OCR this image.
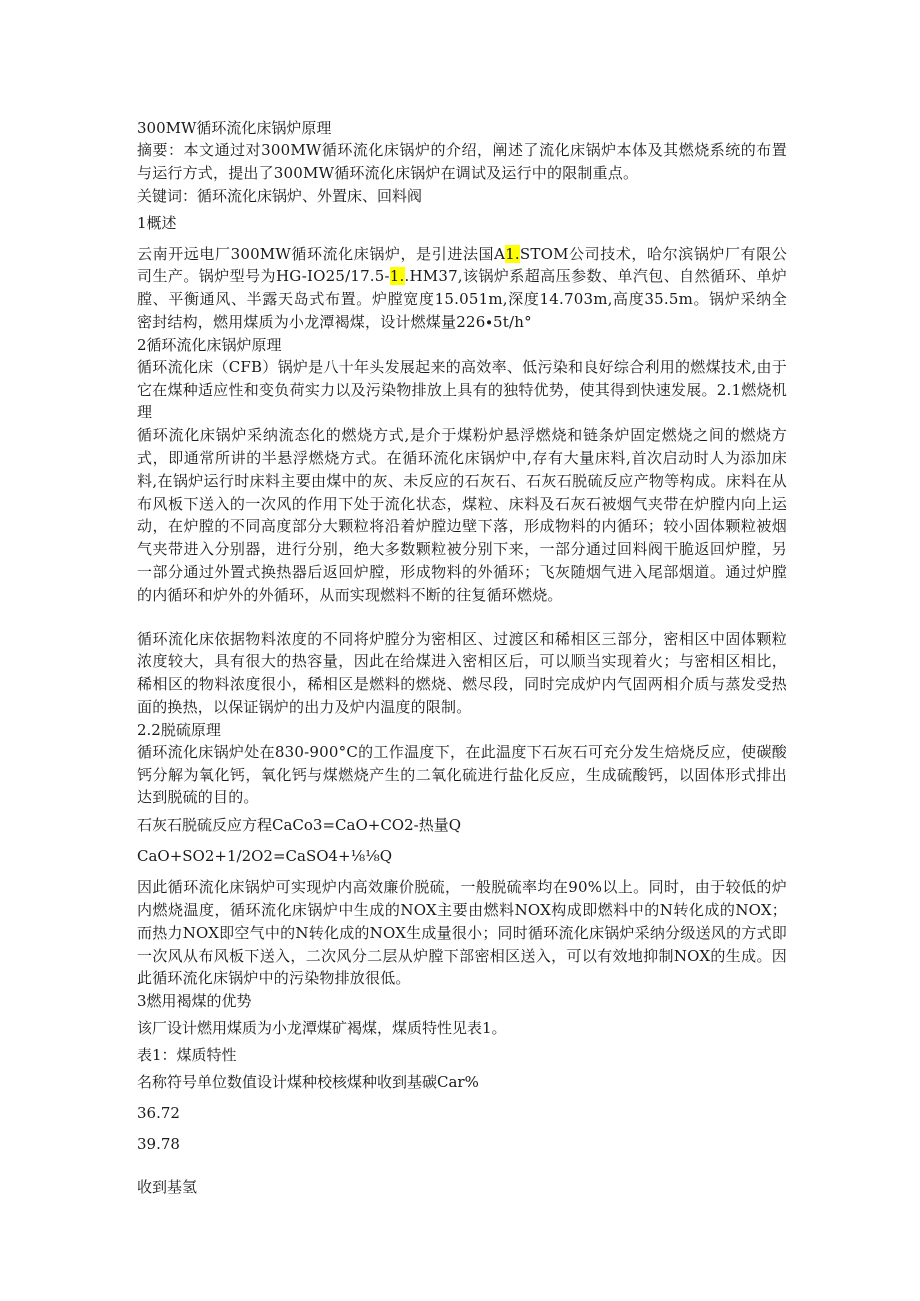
300MW循环流化床锅炉原理

摘要：本文通过对300MW循环流化床锅炉的介绍，阐述了流化床锅炉本体及其燃烧系统的布置与运行方式，提出了300MW循环流化床锅炉在调试及运行中的限制重点。

关键词：循环流化床锅炉、外置床、回料阀

1概述

云南开远电厂300MW循环流化床锅炉，是引进法国A1.STOM公司技术，哈尔滨锅炉厂有限公司生产。锅炉型号为HG-IO25/17.5-1..HM37,该锅炉系超高压参数、单汽包、自然循环、单炉膛、平衡通风、半露天岛式布置。炉膛宽度15.051m,深度14.703m,高度35.5m。锅炉采纳全密封结构，燃用煤质为小龙潭褐煤，设计燃煤量226∙5t∕h°

2循环流化床锅炉原理

循环流化床（CFB）锅炉是八十年头发展起来的高效率、低污染和良好综合利用的燃煤技术,由于它在煤种适应性和变负荷实力以及污染物排放上具有的独特优势，使其得到快速发展。2.1燃烧机理

循环流化床锅炉采纳流态化的燃烧方式,是介于煤粉炉悬浮燃烧和链条炉固定燃烧之间的燃烧方式，即通常所讲的半悬浮燃烧方式。在循环流化床锅炉中,存有大量床料,首次启动时人为添加床料,在锅炉运行时床料主要由煤中的灰、未反应的石灰石、石灰石脱硫反应产物等构成。床料在从布风板下送入的一次风的作用下处于流化状态，煤粒、床料及石灰石被烟气夹带在炉膛内向上运动，在炉膛的不同高度部分大颗粒将沿着炉膛边壁下落，形成物料的内循环；较小固体颗粒被烟气夹带进入分别器，进行分别，绝大多数颗粒被分别下来，一部分通过回料阀干脆返回炉膛，另一部分通过外置式换热器后返回炉膛，形成物料的外循环；飞灰随烟气进入尾部烟道。通过炉膛的内循环和炉外的外循环，从而实现燃料不断的往复循环燃烧。

循环流化床依据物料浓度的不同将炉膛分为密相区、过渡区和稀相区三部分，密相区中固体颗粒浓度较大，具有很大的热容量，因此在给煤进入密相区后，可以顺当实现着火；与密相区相比，稀相区的物料浓度很小，稀相区是燃料的燃烧、燃尽段，同时完成炉内气固两相介质与蒸发受热面的换热，以保证锅炉的出力及炉内温度的限制。

2.2脱硫原理

循环流化床锅炉处在830-900°C的工作温度下，在此温度下石灰石可充分发生焙烧反应，使碳酸钙分解为氧化钙，氧化钙与煤燃烧产生的二氧化硫进行盐化反应，生成硫酸钙，以固体形式排出达到脱硫的目的。

石灰石脱硫反应方程CaCo3=CaO+CO2-热量Q

CaO+SO2+1∕2O2=CaSO4+⅛⅛Q

因此循环流化床锅炉可实现炉内高效廉价脱硫，一般脱硫率均在90%以上。同时，由于较低的炉内燃烧温度，循环流化床锅炉中生成的NOX主要由燃料NOX构成即燃料中的N转化成的NOX；而热力NOX即空气中的N转化成的NOX生成量很小；同时循环流化床锅炉采纳分级送风的方式即一次风从布风板下送入，二次风分二层从炉膛下部密相区送入，可以有效地抑制NOX的生成。因此循环流化床锅炉中的污染物排放很低。

3燃用褐煤的优势

该厂设计燃用煤质为小龙潭煤矿褐煤，煤质特性见表1。

表1：煤质特性

名称符号单位数值设计煤种校核煤种收到基碳Car%

36.72

39.78

收到基氢
